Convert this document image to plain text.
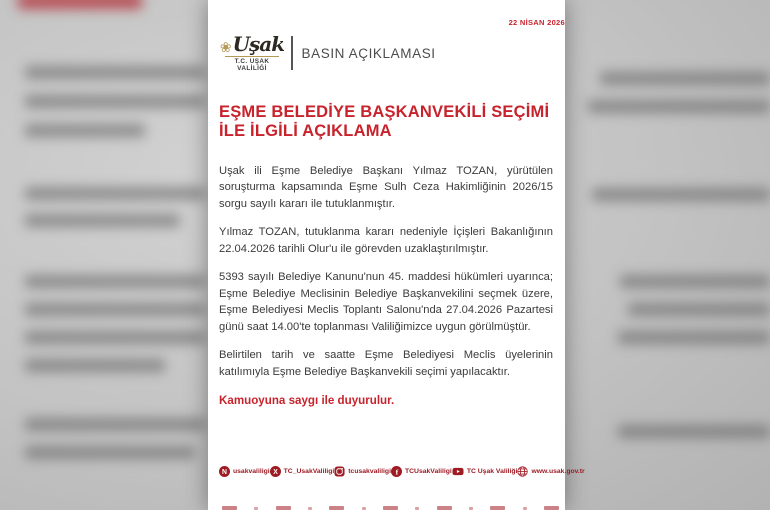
❀ Uşak
T.C. UŞAK VALİLİĞİ
BASIN AÇIKLAMASI
22 NİSAN 2026
EŞME BELEDİYE BAŞKANVEKİLİ SEÇİMİ
İLE İLGİLİ AÇIKLAMA

Uşak ili Eşme Belediye Başkanı Yılmaz TOZAN, yürütülen soruşturma kapsamında Eşme Sulh Ceza Hakimliğinin 2026/15 sorgu sayılı kararı ile tutuklanmıştır.

Yılmaz TOZAN, tutuklanma kararı nedeniyle İçişleri Bakanlığının 22.04.2026 tarihli Olur'u ile görevden uzaklaştırılmıştır.

5393 sayılı Belediye Kanunu'nun 45. maddesi hükümleri uyarınca; Eşme Belediye Meclisinin Belediye Başkanvekilini seçmek üzere, Eşme Belediyesi Meclis Toplantı Salonu'nda 27.04.2026 Pazartesi günü saat 14.00'te toplanması Valiliğimizce uygun görülmüştür.

Belirtilen tarih ve saatte Eşme Belediyesi Meclis üyelerinin katılımıyla Eşme Belediye Başkanvekili seçimi yapılacaktır.

Kamuoyuna saygı ile duyurulur.
N usakvaliligi X TC_UsakValiligi tcusakvaliligi f TCUsakValiligi TC Uşak Valiliği www.usak.gov.tr
